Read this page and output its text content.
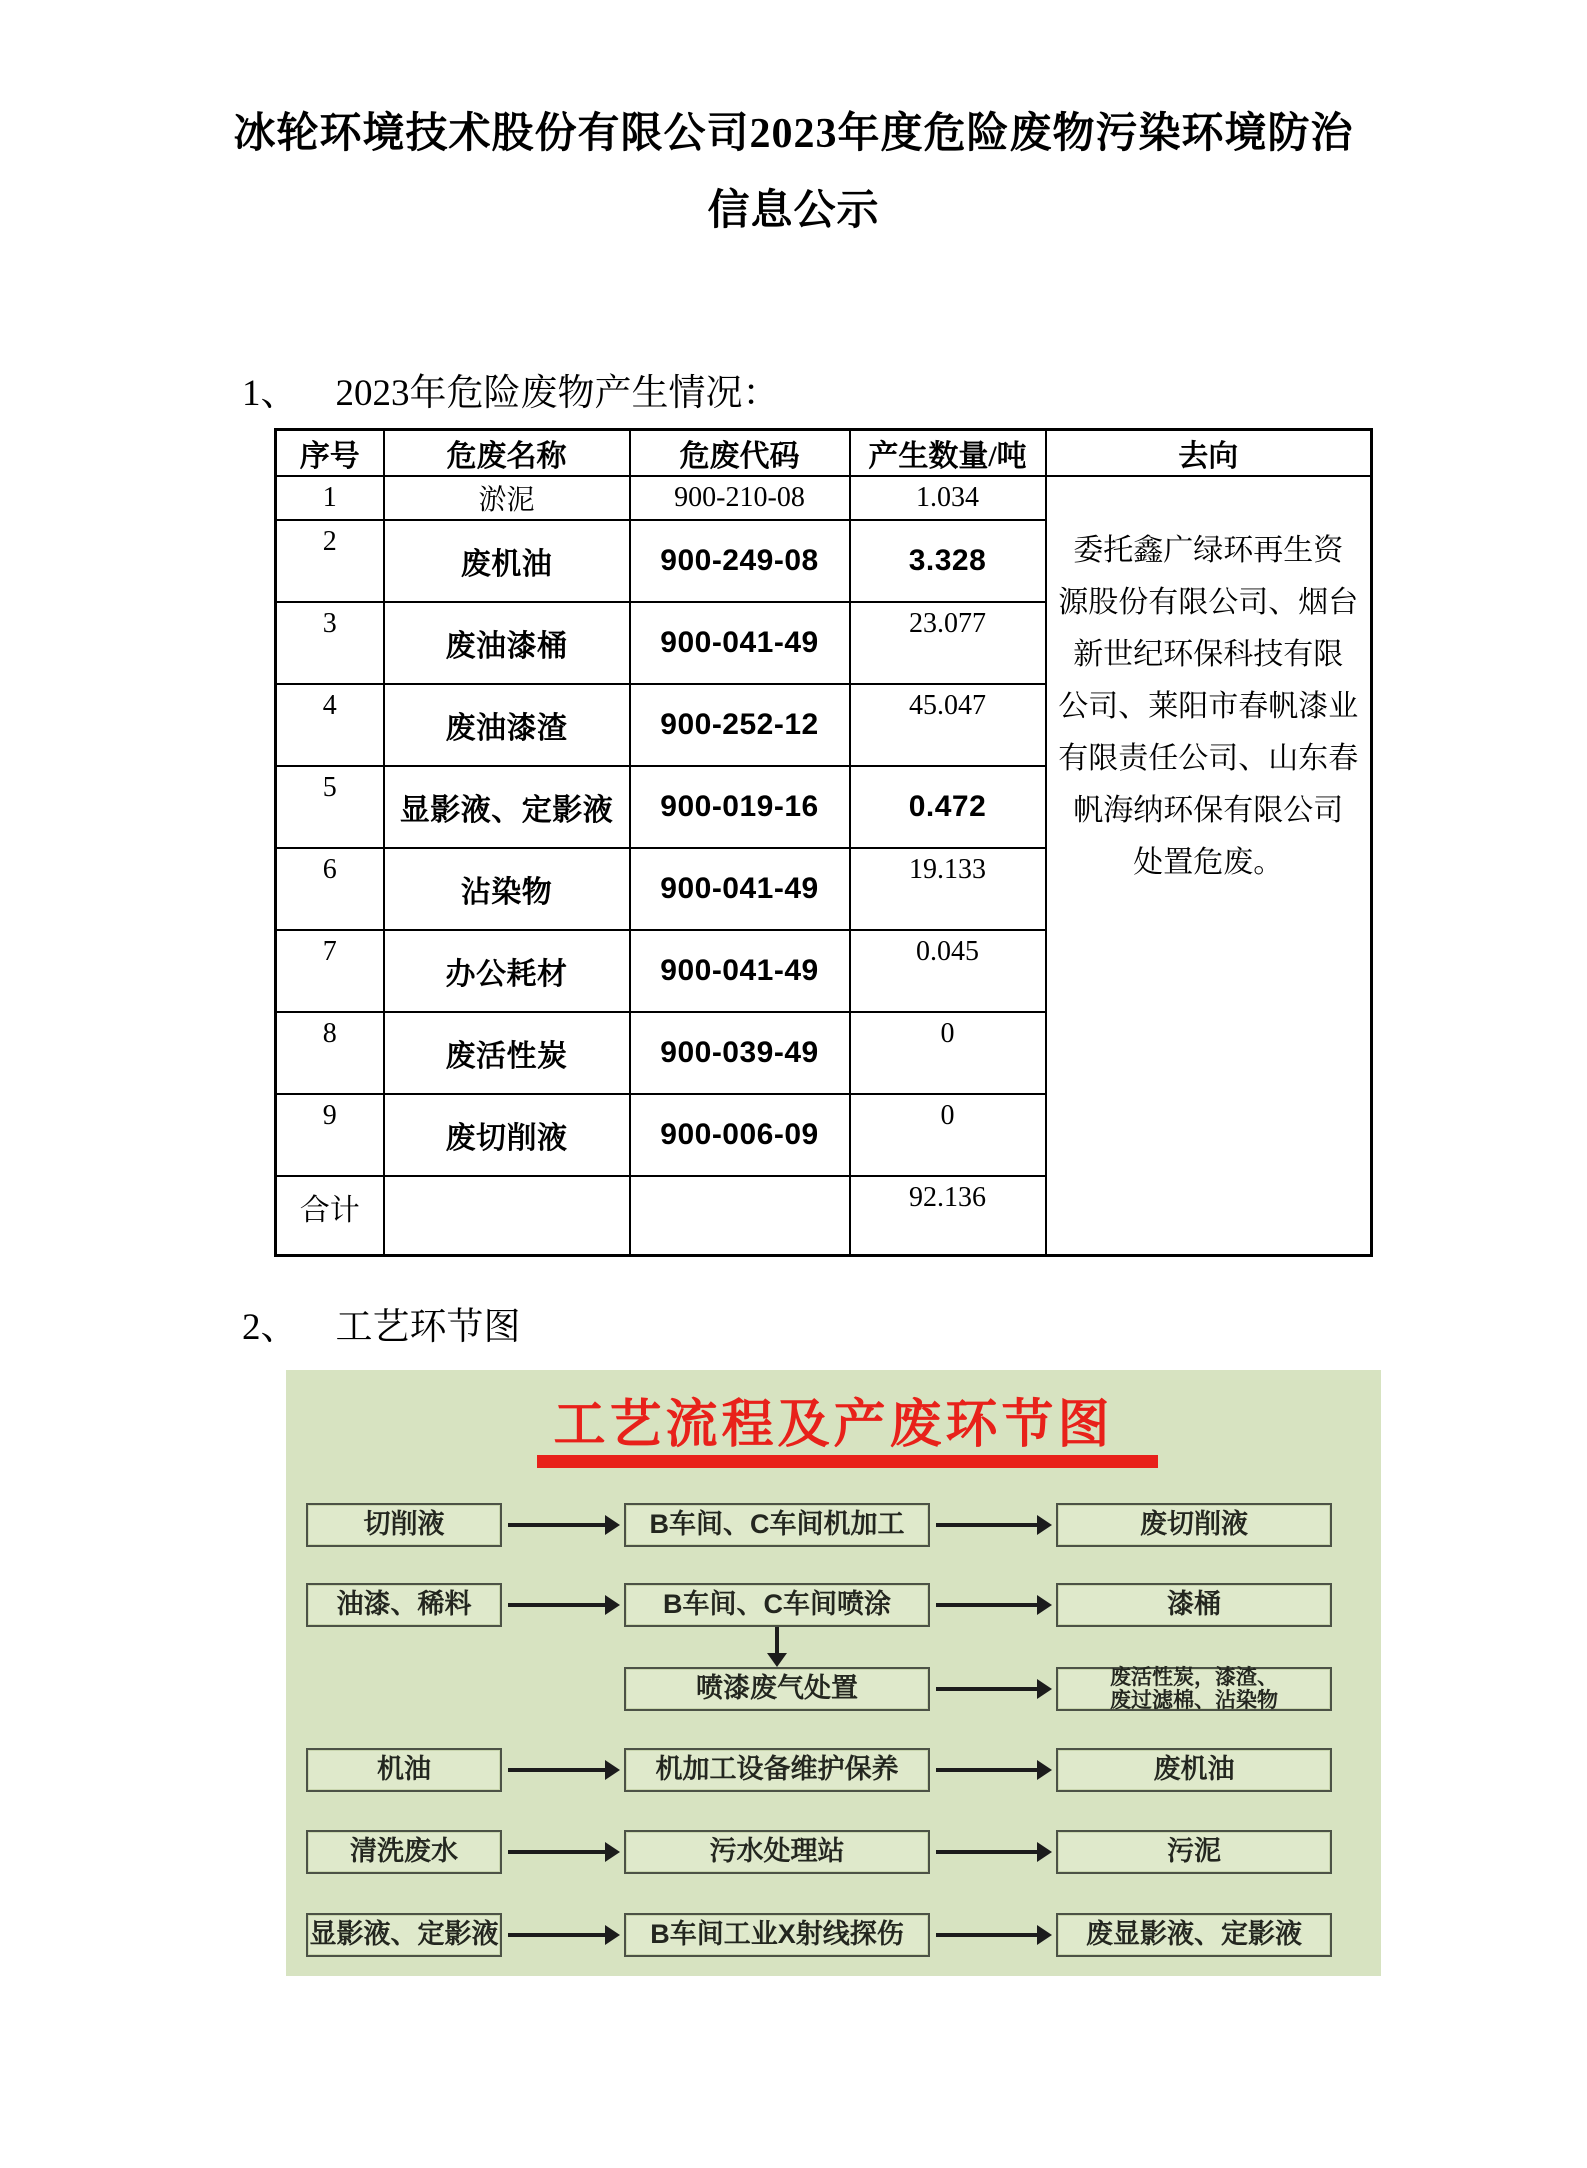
冰轮环境技术股份有限公司2023年度危险废物污染环境防治
信息公示
1、 2023年危险废物产生情况：
序号	危废名称	危废代码	产生数量/吨	去向
1	淤泥	900-210-08	1.034	
委托鑫广绿环再生资
源股份有限公司、烟台
新世纪环保科技有限
公司、莱阳市春帆漆业
有限责任公司、山东春
帆海纳环保有限公司
处置危废。

2	废机油	900-249-08	3.328	
3	废油漆桶	900-041-49	23.077	
4	废油漆渣	900-252-12	45.047	
5	显影液、定影液	900-019-16	0.472	
6	沾染物	900-041-49	19.133	
7	办公耗材	900-041-49	0.045	
8	废活性炭	900-039-49	0	
9	废切削液	900-006-09	0	
合计			92.136	
2、 工艺环节图
工艺流程及产废环节图
切削液	B车间、C车间机加工	废切削液
油漆、稀料	B车间、C车间喷涂	漆桶
喷漆废气处置	废活性炭，漆渣、
废过滤棉、沾染物
机油	机加工设备维护保养	废机油
清洗废水	污水处理站	污泥
显影液、定影液	B车间工业X射线探伤	废显影液、定影液
